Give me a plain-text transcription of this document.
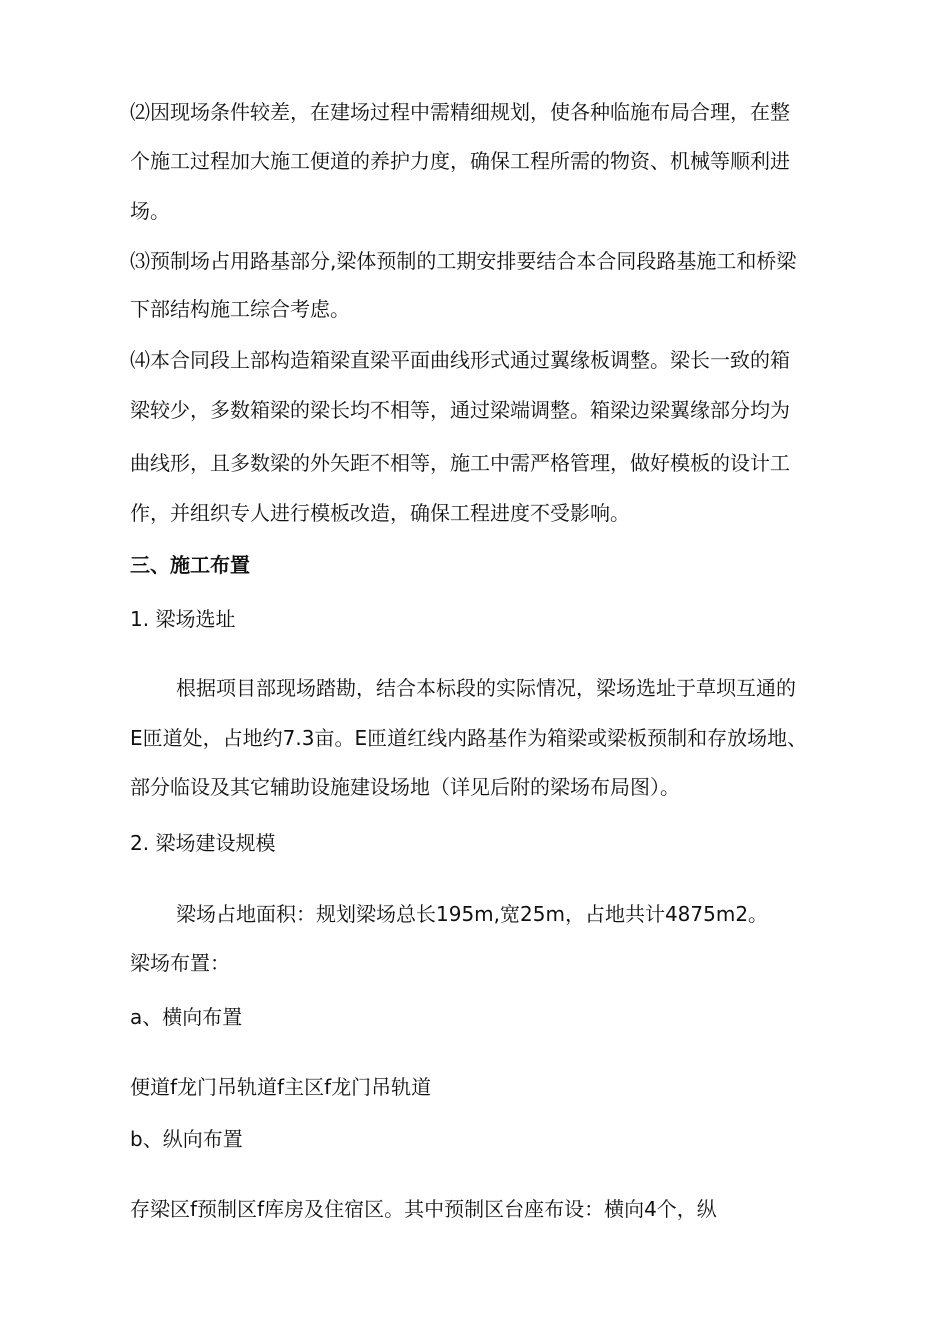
⑵因现场条件较差，在建场过程中需精细规划，使各种临施布局合理，在整

个施工过程加大施工便道的养护力度，确保工程所需的物资、机械等顺利进

场。

⑶预制场占用路基部分,梁体预制的工期安排要结合本合同段路基施工和桥梁

下部结构施工综合考虑。

⑷本合同段上部构造箱梁直梁平面曲线形式通过翼缘板调整。梁长一致的箱

梁较少，多数箱梁的梁长均不相等，通过梁端调整。箱梁边梁翼缘部分均为

曲线形，且多数梁的外矢距不相等，施工中需严格管理，做好模板的设计工

作，并组织专人进行模板改造，确保工程进度不受影响。

三、施工布置

1. 梁场选址

根据项目部现场踏勘，结合本标段的实际情况，梁场选址于草坝互通的

E匝道处，占地约7.3亩。E匝道红线内路基作为箱梁或梁板预制和存放场地、

部分临设及其它辅助设施建设场地（详见后附的梁场布局图）。

2. 梁场建设规模

梁场占地面积：规划梁场总长195m,宽25m，占地共计4875m2。

梁场布置：

a、横向布置

便道f龙门吊轨道f主区f龙门吊轨道

b、纵向布置

存梁区f预制区f库房及住宿区。其中预制区台座布设：横向4个，纵
